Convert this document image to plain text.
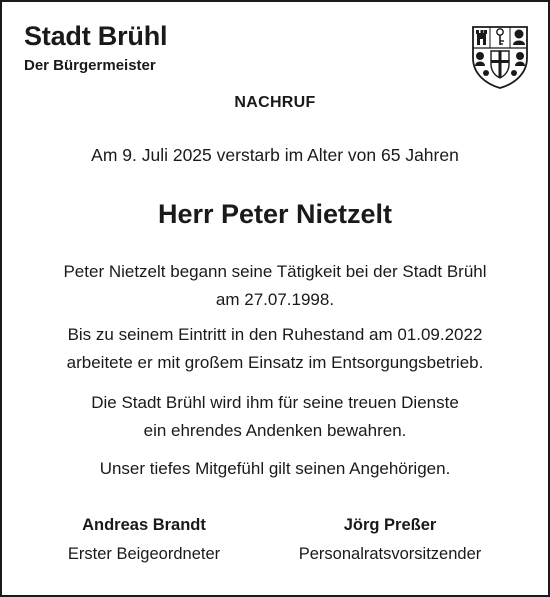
Stadt Brühl
Der Bürgermeister
NACHRUF
Am 9. Juli 2025 verstarb im Alter von 65 Jahren
Herr Peter Nietzelt
Peter Nietzelt begann seine Tätigkeit bei der Stadt Brühl
am 27.07.1998.
Bis zu seinem Eintritt in den Ruhestand am 01.09.2022
arbeitete er mit großem Einsatz im Entsorgungsbetrieb.
Die Stadt Brühl wird ihm für seine treuen Dienste
ein ehrendes Andenken bewahren.
Unser tiefes Mitgefühl gilt seinen Angehörigen.
Andreas Brandt
Erster Beigeordneter
Jörg Preßer
Personalratsvorsitzender
